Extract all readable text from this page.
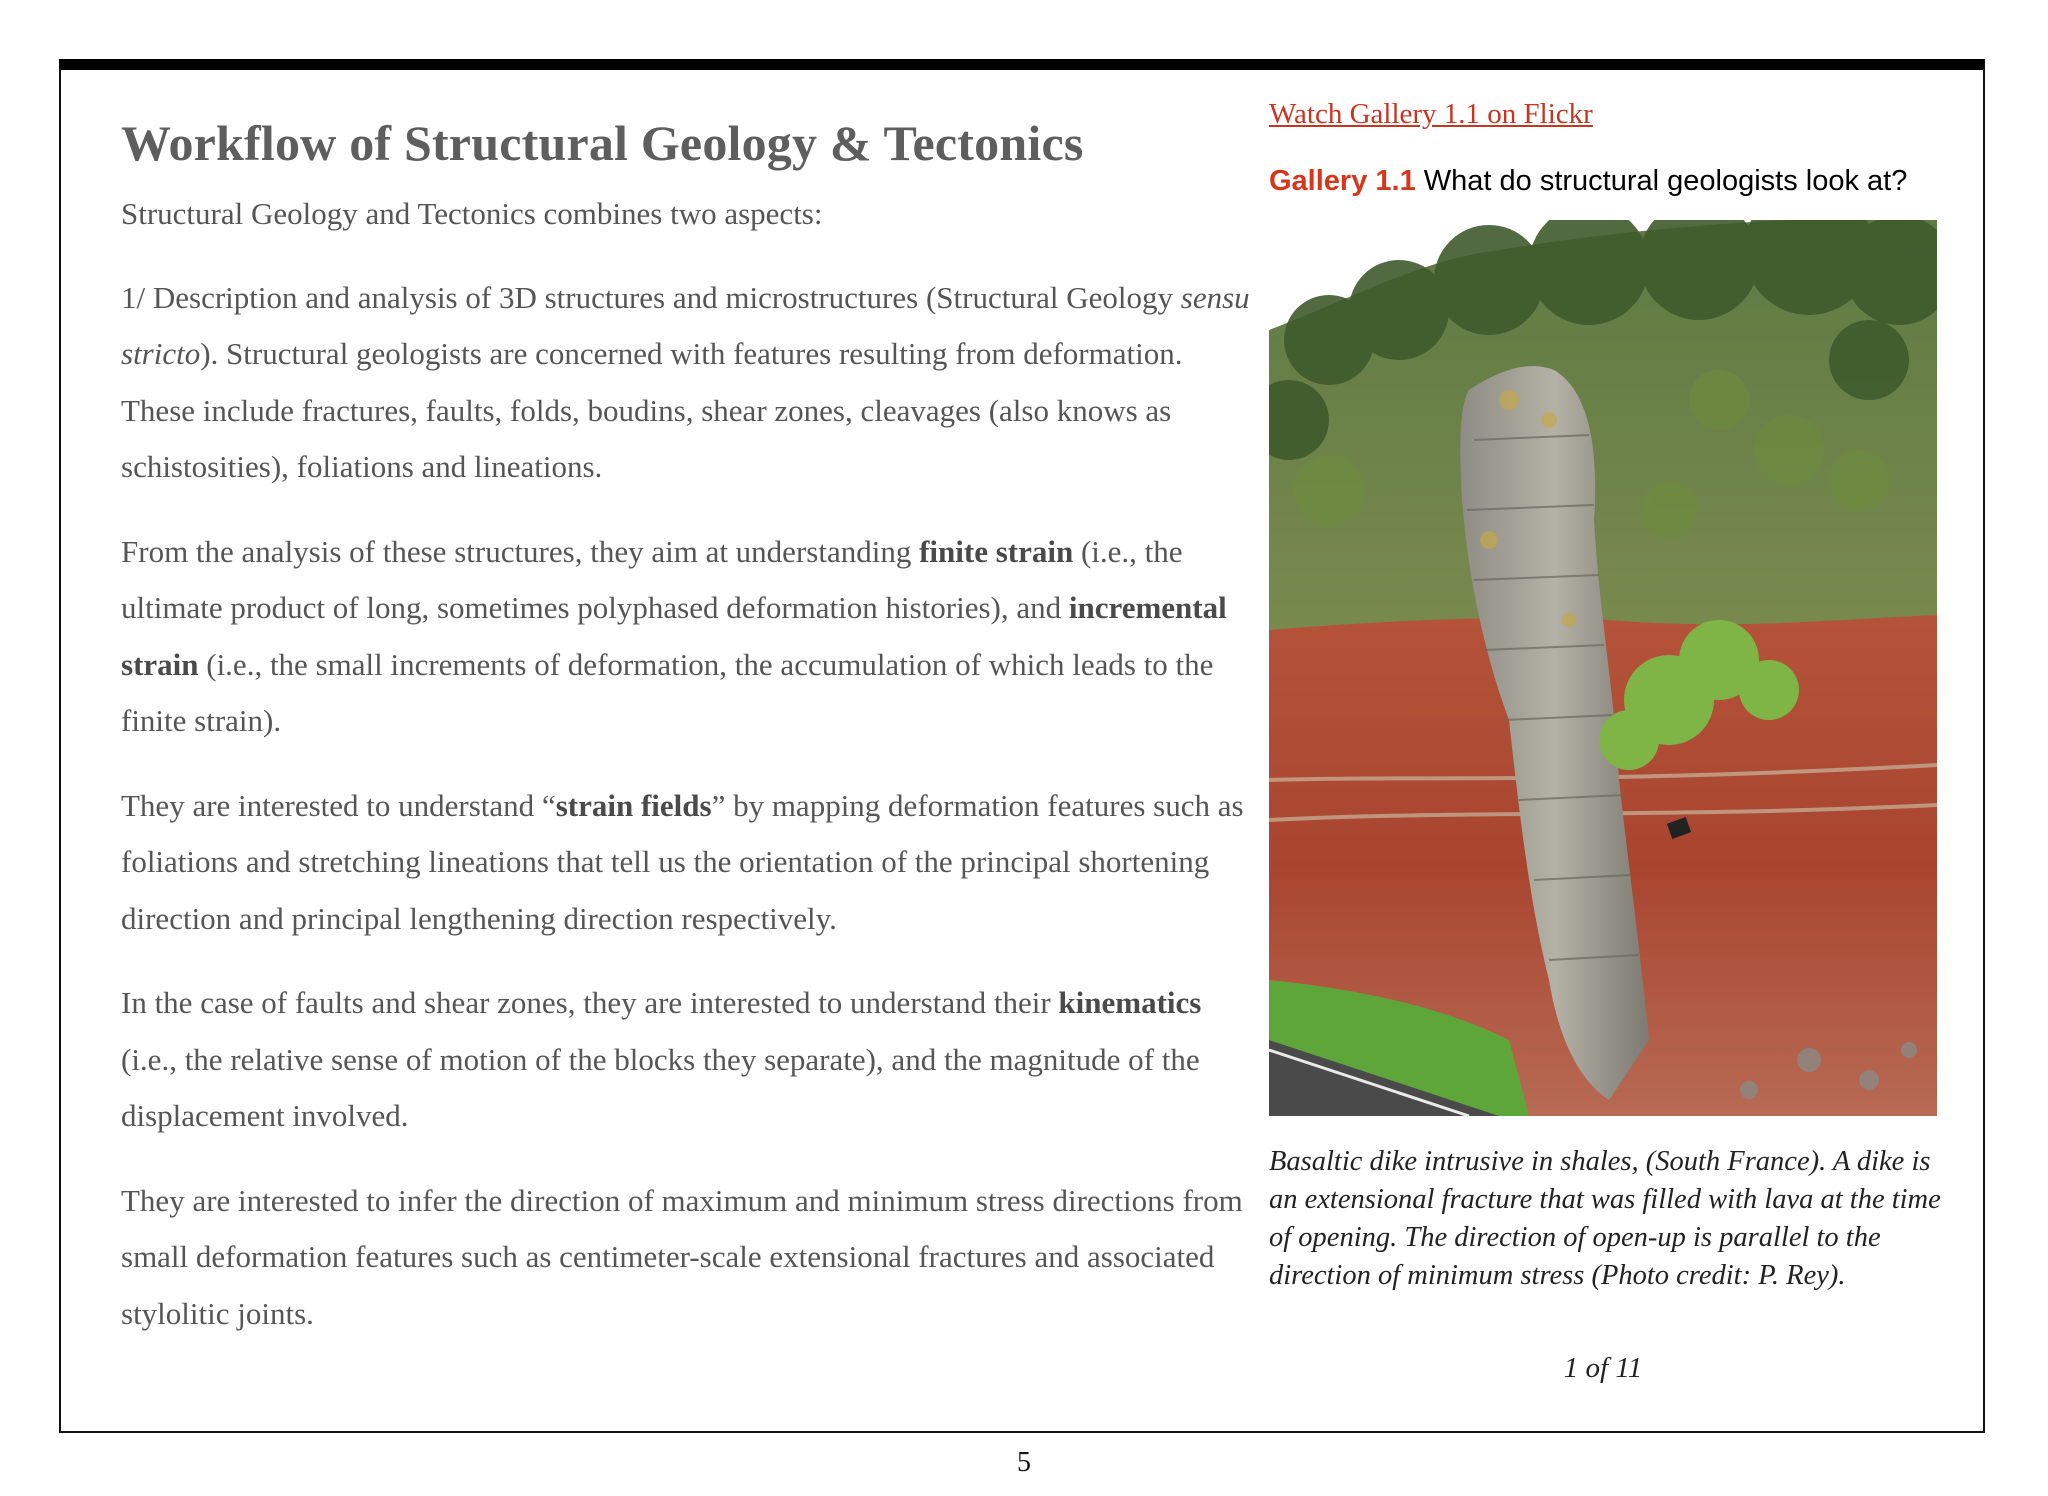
Workflow of Structural Geology & Tectonics

Structural Geology and Tectonics combines two aspects:

1/ Description and analysis of 3D structures and microstructures (Structural Geology sensu stricto). Structural geologists are concerned with features resulting from deformation. These include fractures, faults, folds, boudins, shear zones, cleavages (also knows as schistosities), foliations and lineations.

From the analysis of these structures, they aim at understanding finite strain (i.e., the ultimate product of long, sometimes polyphased deformation histories), and incremental strain (i.e., the small increments of deformation, the accumulation of which leads to the finite strain).

They are interested to understand “strain fields” by mapping deformation features such as foliations and stretching lineations that tell us the orientation of the principal shortening direction and principal lengthening direction respectively.

In the case of faults and shear zones, they are interested to understand their kinematics (i.e., the relative sense of motion of the blocks they separate), and the magnitude of the displacement involved.

They are interested to infer the direction of maximum and minimum stress directions from small deformation features such as centimeter-scale extensional fractures and associated stylolitic joints.

Watch Gallery 1.1 on Flickr
Gallery 1.1 What do structural geologists look at?
Basaltic dike intrusive in shales, (South France). A dike is an extensional fracture that was filled with lava at the time of opening. The direction of open-up is parallel to the direction of minimum stress (Photo credit: P. Rey).
1 of 11
5
